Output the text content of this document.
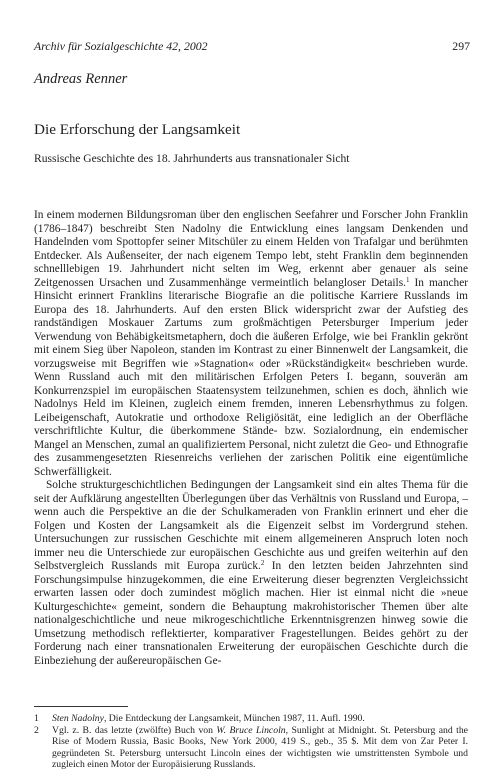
Archiv für Sozialgeschichte 42, 2002	297
Andreas Renner
Die Erforschung der Langsamkeit
Russische Geschichte des 18. Jahrhunderts aus transnationaler Sicht

In einem modernen Bildungsroman über den englischen Seefahrer und Forscher John Franklin (1786–1847) beschreibt Sten Nadolny die Entwicklung eines langsam Denkenden und Handelnden vom Spottopfer seiner Mitschüler zu einem Helden von Trafalgar und berühmten Entdecker. Als Außenseiter, der nach eigenem Tempo lebt, steht Franklin dem beginnenden schnelllebigen 19. Jahrhundert nicht selten im Weg, erkennt aber genauer als seine Zeitgenossen Ursachen und Zusammenhänge vermeintlich belangloser Details.$^1$ In mancher Hinsicht erinnert Franklins literarische Biografie an die politische Karriere Russlands im Europa des 18. Jahrhunderts. Auf den ersten Blick widerspricht zwar der Aufstieg des randständigen Moskauer Zartums zum großmächtigen Petersburger Imperium jeder Verwendung von Behäbigkeitsmetaphern, doch die äußeren Erfolge, wie bei Franklin gekrönt mit einem Sieg über Napoleon, standen im Kontrast zu einer Binnenwelt der Langsamkeit, die vorzugsweise mit Begriffen wie »Stagnation« oder »Rückständigkeit« beschrieben wurde. Wenn Russland auch mit den militärischen Erfolgen Peters I. begann, souverän am Konkurrenzspiel im europäischen Staatensystem teilzunehmen, schien es doch, ähnlich wie Nadolnys Held im Kleinen, zugleich einem fremden, inneren Lebensrhythmus zu folgen. Leibeigenschaft, Autokratie und orthodoxe Religiösität, eine lediglich an der Oberfläche verschriftlichte Kultur, die überkommene Stände- bzw. Sozialordnung, ein endemischer Mangel an Menschen, zumal an qualifiziertem Personal, nicht zuletzt die Geo- und Ethnografie des zusammengesetzten Riesenreichs verliehen der zarischen Politik eine eigentümliche Schwerfälligkeit.

Solche strukturgeschichtlichen Bedingungen der Langsamkeit sind ein altes Thema für die seit der Aufklärung angestellten Überlegungen über das Verhältnis von Russland und Europa, – wenn auch die Perspektive an die der Schulkameraden von Franklin erinnert und eher die Folgen und Kosten der Langsamkeit als die Eigenzeit selbst im Vordergrund stehen. Untersuchungen zur russischen Geschichte mit einem allgemeineren Anspruch loten noch immer neu die Unterschiede zur europäischen Geschichte aus und greifen weiterhin auf den Selbstvergleich Russlands mit Europa zurück.$^2$ In den letzten beiden Jahrzehnten sind Forschungsimpulse hinzugekommen, die eine Erweiterung dieser begrenzten Vergleichssicht erwarten lassen oder doch zumindest möglich machen. Hier ist einmal nicht die »neue Kulturgeschichte« gemeint, sondern die Behauptung makrohistorischer Themen über alte nationalgeschichtliche und neue mikrogeschichtliche Erkenntnisgrenzen hinweg sowie die Umsetzung methodisch reflektierter, komparativer Fragestellungen. Beides gehört zu der Forderung nach einer transnationalen Erweiterung der europäischen Geschichte durch die Einbeziehung der außereuropäischen Ge-

1 Sten Nadolny, Die Entdeckung der Langsamkeit, München 1987, 11. Aufl. 1990.
2 Vgl. z. B. das letzte (zwölfte) Buch von W. Bruce Lincoln, Sunlight at Midnight. St. Petersburg and the Rise of Modern Russia, Basic Books, New York 2000, 419 S., geb., 35 $. Mit dem von Zar Peter I. gegründeten St. Petersburg untersucht Lincoln eines der wichtigsten wie umstrittensten Symbole und zugleich einen Motor der Europäisierung Russlands.
